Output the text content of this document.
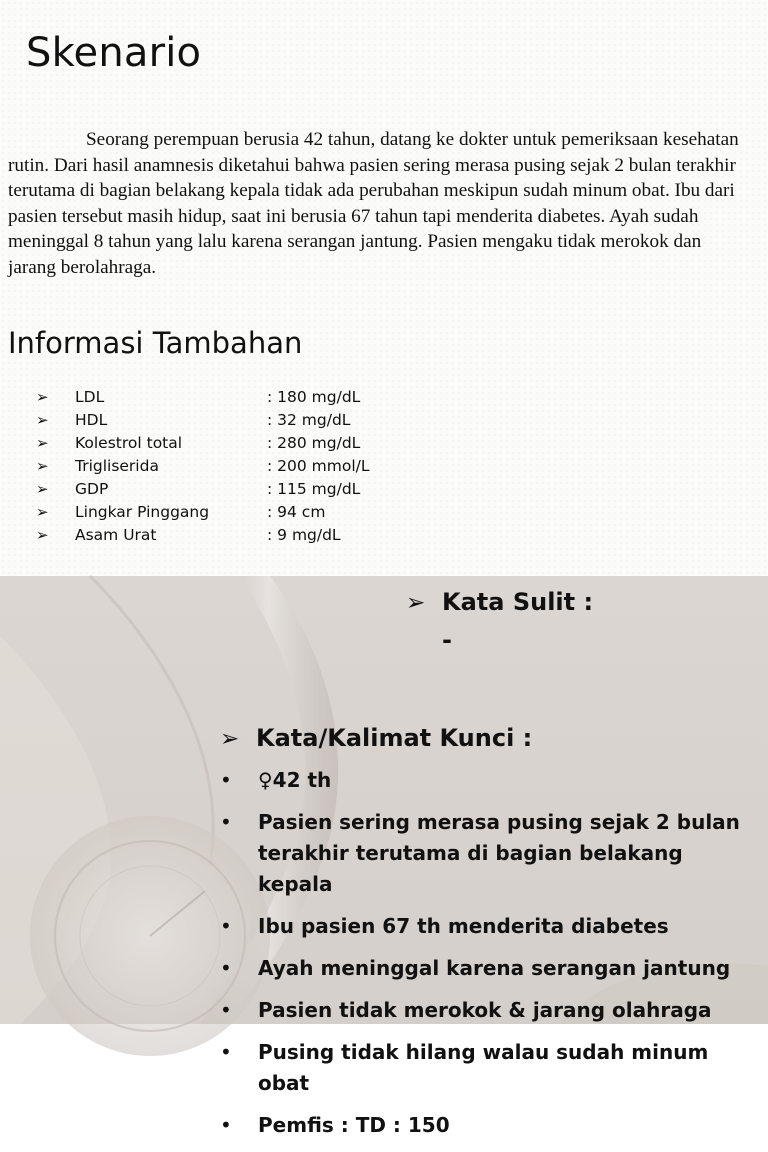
Skenario

Seorang perempuan berusia 42 tahun, datang ke dokter untuk pemeriksaan kesehatan rutin. Dari hasil anamnesis diketahui bahwa pasien sering merasa pusing sejak 2 bulan terakhir terutama di bagian belakang kepala tidak ada perubahan meskipun sudah minum obat. Ibu dari pasien tersebut masih hidup, saat ini berusia 67 tahun tapi menderita diabetes. Ayah sudah meninggal 8 tahun yang lalu karena serangan jantung. Pasien mengaku tidak merokok dan jarang berolahraga.

Informasi Tambahan
➢ LDL	: 180 mg/dL
➢ HDL	: 32 mg/dL
➢ Kolestrol total	: 280 mg/dL
➢ Trigliserida	: 200 mmol/L
➢ GDP	: 115 mg/dL
➢ Lingkar Pinggang	: 94 cm
➢ Asam Urat	: 9 mg/dL
➢ Kata Sulit :
-
➢ Kata/Kalimat Kunci :
• ♀42 th
• Pasien sering merasa pusing sejak 2 bulan terakhir terutama di bagian belakang kepala
• Ibu pasien 67 th menderita diabetes
• Ayah meninggal karena serangan jantung
• Pasien tidak merokok & jarang olahraga
• Pusing tidak hilang walau sudah minum obat
• Pemfis : TD : 150
